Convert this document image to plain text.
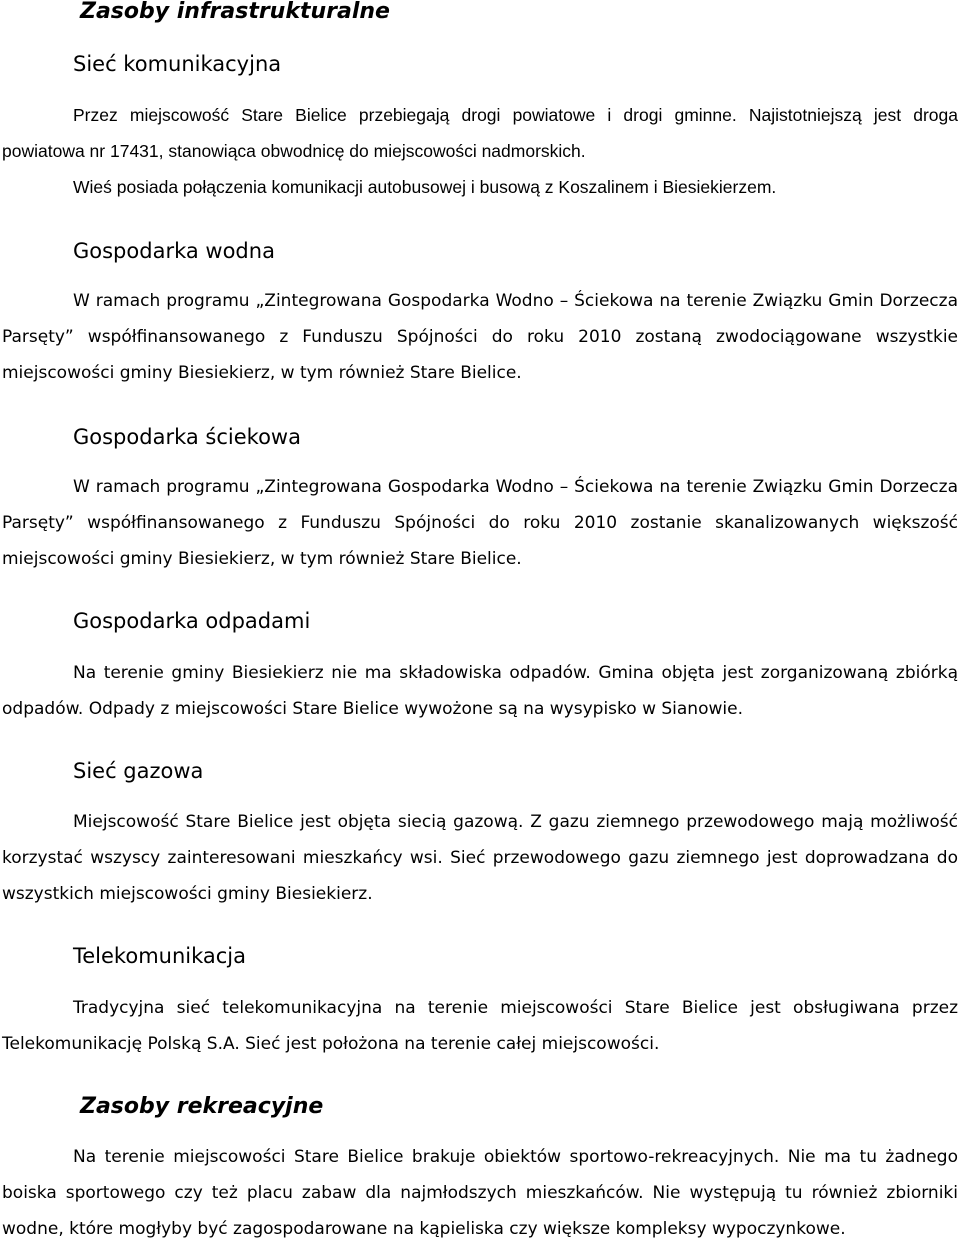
Zasoby infrastrukturalne
Sieć komunikacyjna

Przez miejscowość Stare Bielice przebiegają drogi powiatowe i drogi gminne. Najistotniejszą jest droga powiatowa nr 17431, stanowiąca obwodnicę do miejscowości nadmorskich.

Wieś posiada połączenia komunikacji autobusowej i busową z Koszalinem i Biesiekierzem.

Gospodarka wodna

W ramach programu „Zintegrowana Gospodarka Wodno – Ściekowa na terenie Związku Gmin Dorzecza Parsęty” współfinansowanego z Funduszu Spójności do roku 2010 zostaną zwodociągowane wszystkie miejscowości gminy Biesiekierz, w tym również Stare Bielice.

Gospodarka ściekowa

W ramach programu „Zintegrowana Gospodarka Wodno – Ściekowa na terenie Związku Gmin Dorzecza Parsęty” współfinansowanego z Funduszu Spójności do roku 2010 zostanie skanalizowanych większość miejscowości gminy Biesiekierz, w tym również Stare Bielice.

Gospodarka odpadami

Na terenie gminy Biesiekierz nie ma składowiska odpadów. Gmina objęta jest zorganizowaną zbiórką odpadów. Odpady z miejscowości Stare Bielice wywożone są na wysypisko w Sianowie.

Sieć gazowa

Miejscowość Stare Bielice jest objęta siecią gazową. Z gazu ziemnego przewodowego mają możliwość korzystać wszyscy zainteresowani mieszkańcy wsi. Sieć przewodowego gazu ziemnego jest doprowadzana do wszystkich miejscowości gminy Biesiekierz.

Telekomunikacja

Tradycyjna sieć telekomunikacyjna na terenie miejscowości Stare Bielice jest obsługiwana przez Telekomunikację Polską S.A. Sieć jest położona na terenie całej miejscowości.

Zasoby rekreacyjne

Na terenie miejscowości Stare Bielice brakuje obiektów sportowo-rekreacyjnych. Nie ma tu żadnego boiska sportowego czy też placu zabaw dla najmłodszych mieszkańców. Nie występują tu również zbiorniki wodne, które mogłyby być zagospodarowane na kąpieliska czy większe kompleksy wypoczynkowe.
